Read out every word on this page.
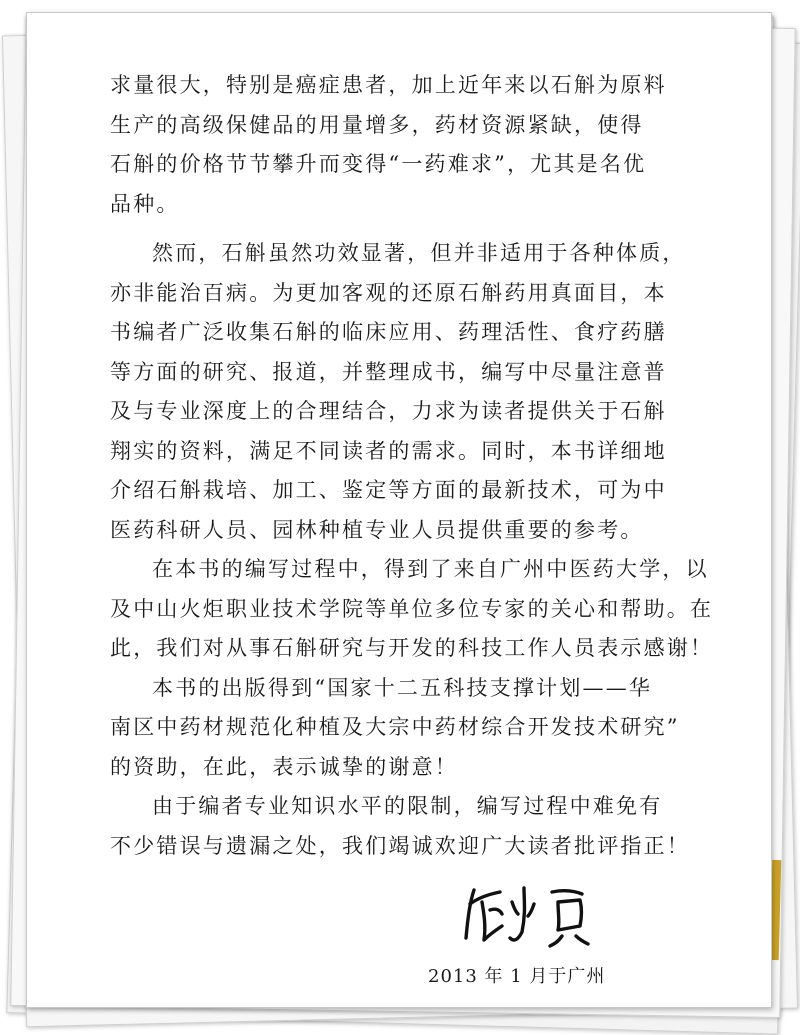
求量很大，特别是癌症患者，加上近年来以石斛为原料
生产的高级保健品的用量增多，药材资源紧缺，使得
石斛的价格节节攀升而变得“一药难求”，尤其是名优
品种。
然而，石斛虽然功效显著，但并非适用于各种体质，
亦非能治百病。为更加客观的还原石斛药用真面目，本
书编者广泛收集石斛的临床应用、药理活性、食疗药膳
等方面的研究、报道，并整理成书，编写中尽量注意普
及与专业深度上的合理结合，力求为读者提供关于石斛
翔实的资料，满足不同读者的需求。同时，本书详细地
介绍石斛栽培、加工、鉴定等方面的最新技术，可为中
医药科研人员、园林种植专业人员提供重要的参考。
在本书的编写过程中，得到了来自广州中医药大学，以
及中山火炬职业技术学院等单位多位专家的关心和帮助。在
此，我们对从事石斛研究与开发的科技工作人员表示感谢！
本书的出版得到“国家十二五科技支撑计划——华
南区中药材规范化种植及大宗中药材综合开发技术研究”
的资助，在此，表示诚挚的谢意！
由于编者专业知识水平的限制，编写过程中难免有
不少错误与遗漏之处，我们竭诚欢迎广大读者批评指正！
2013 年 1 月于广州
